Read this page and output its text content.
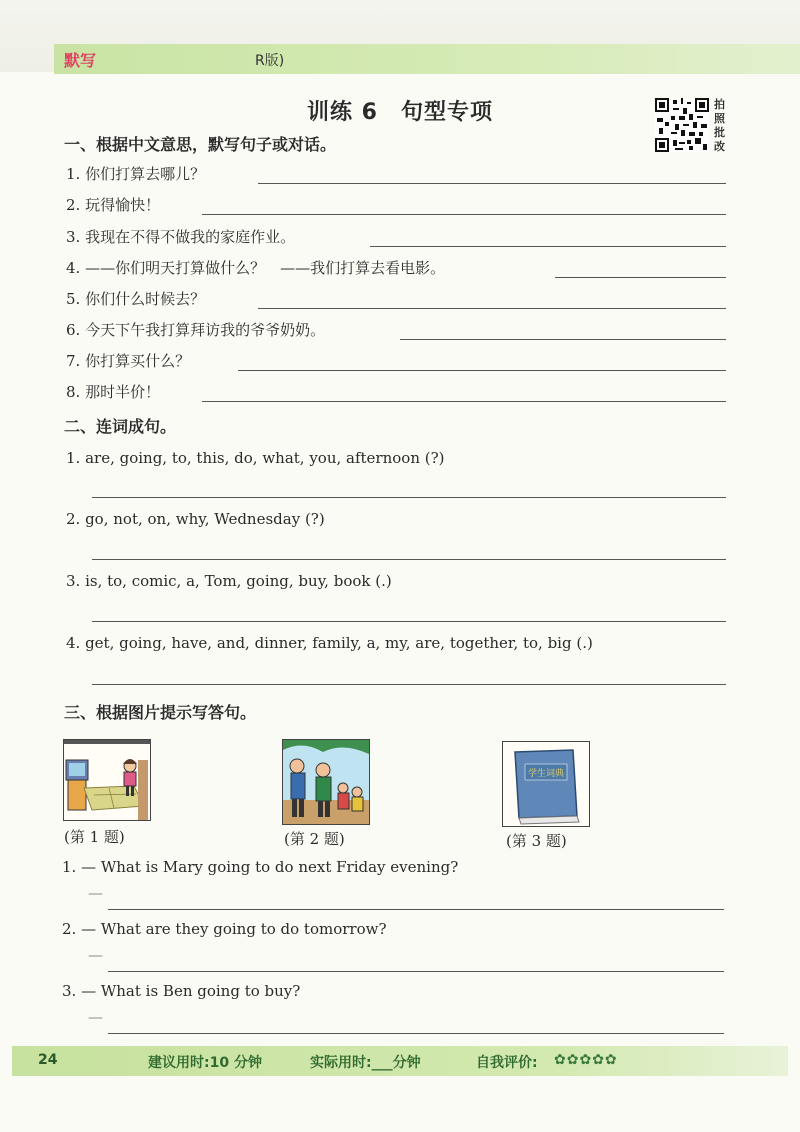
默写	R版)
训练 6　句型专项	拍
照
批
改
一、根据中文意思，默写句子或对话。
1. 你们打算去哪儿？
2. 玩得愉快！
3. 我现在不得不做我的家庭作业。
4. ——你们明天打算做什么？　——我们打算去看电影。
5. 你们什么时候去？
6. 今天下午我打算拜访我的爷爷奶奶。
7. 你打算买什么？
8. 那时半价！
二、连词成句。
1. are, going, to, this, do, what, you, afternoon (?)
2. go, not, on, why, Wednesday (?)
3. is, to, comic, a, Tom, going, buy, book (.)
4. get, going, have, and, dinner, family, a, my, are, together, to, big (.)
三、根据图片提示写答句。
学生词典
(第 1 题)	(第 2 题)	(第 3 题)
1. — What is Mary going to do next Friday evening?
—
2. — What are they going to do tomorrow?
—
3. — What is Ben going to buy?
—
24	建议用时:10 分钟	实际用时:___分钟	自我评价: ✿✿✿✿✿
